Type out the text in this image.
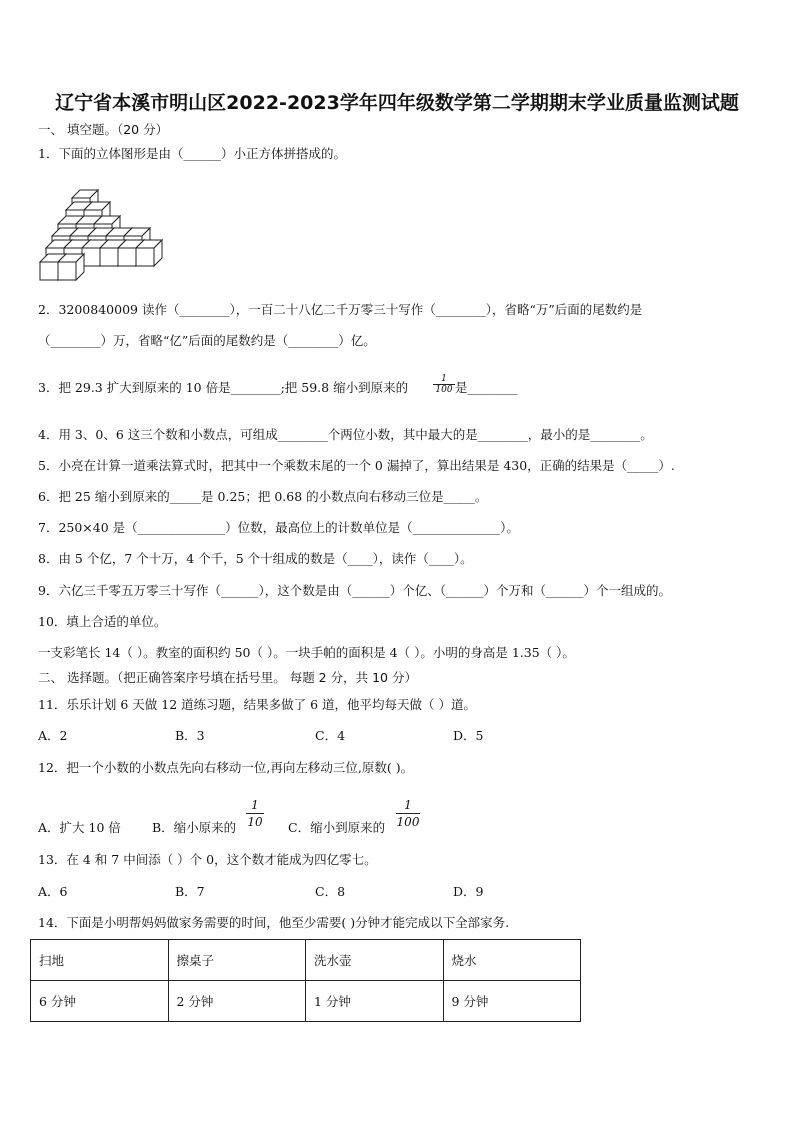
辽宁省本溪市明山区2022-2023学年四年级数学第二学期期末学业质量监测试题
一、 填空题。（20 分）
1．下面的立体图形是由（______）小正方体拼搭成的。
2．3200840009 读作（________），一百二十八亿二千万零三十写作（________），省略“万”后面的尾数约是
（________）万，省略“亿”后面的尾数约是（________）亿。
3．把 29.3 扩大到原来的 10 倍是________;把 59.8 缩小到原来的	$\frac{1}{100}$ 是________
4．用 3、0、6 这三个数和小数点，可组成________个两位小数，其中最大的是________，最小的是________。
5．小亮在计算一道乘法算式时，把其中一个乘数末尾的一个 0 漏掉了，算出结果是 430，正确的结果是（_____）.
6．把 25 缩小到原来的_____是 0.25；把 0.68 的小数点向右移动三位是_____。
7．250×40 是（______________）位数，最高位上的计数单位是（______________）。
8．由 5 个亿，7 个十万，4 个千，5 个十组成的数是（____），读作（____）。
9．六亿三千零五万零三十写作（______），这个数是由（______）个亿、（______）个万和（______）个一组成的。
10．填上合适的单位。
一支彩笔长 14（ ）。教室的面积约 50（ ）。一块手帕的面积是 4（ ）。小明的身高是 1.35（ ）。
二、 选择题。（把正确答案序号填在括号里。 每题 2 分，共 10 分）
11．乐乐计划 6 天做 12 道练习题，结果多做了 6 道，他平均每天做（ ）道。
A．2	B．3	C．4	D．5
12．把一个小数的小数点先向右移动一位,再向左移动三位,原数( )。
A．扩大 10 倍 B．缩小原来的 $\frac{1}{10}$ C．缩小到原来的 $\frac{1}{100}$
13．在 4 和 7 中间添（ ）个 0，这个数才能成为四亿零七。
A．6	B．7	C．8	D．9
14．下面是小明帮妈妈做家务需要的时间，他至少需要( )分钟才能完成以下全部家务.
扫地	擦桌子	洗水壶	烧水
6 分钟	2 分钟	1 分钟	9 分钟
